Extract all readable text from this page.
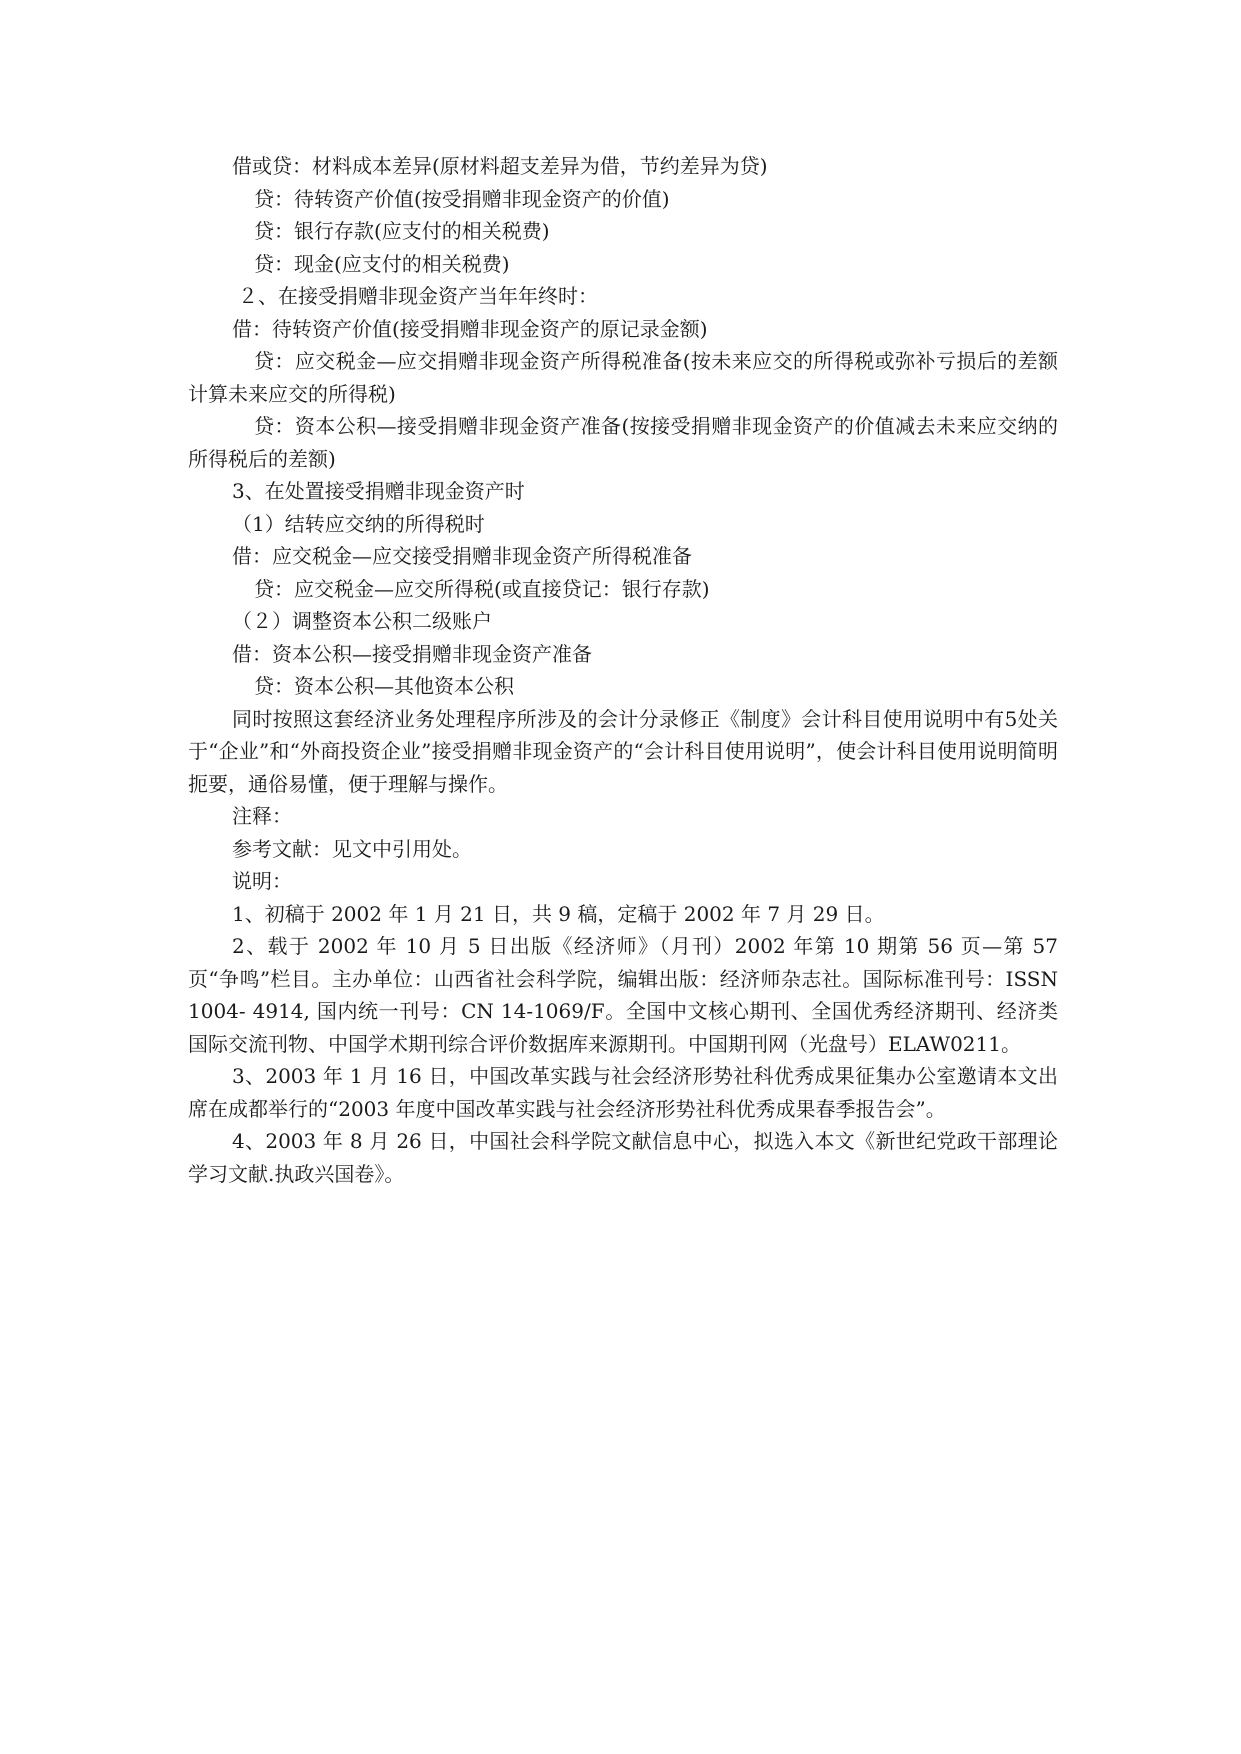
借或贷：材料成本差异(原材料超支差异为借，节约差异为贷)
贷：待转资产价值(按受捐赠非现金资产的价值)
贷：银行存款(应支付的相关税费)
贷：现金(应支付的相关税费)
２、在接受捐赠非现金资产当年年终时：
借：待转资产价值(接受捐赠非现金资产的原记录金额)
贷：应交税金—应交捐赠非现金资产所得税准备(按未来应交的所得税或弥补亏损后的差额计算未来应交的所得税)
贷：资本公积—接受捐赠非现金资产准备(按接受捐赠非现金资产的价值减去未来应交纳的所得税后的差额)
3、在处置接受捐赠非现金资产时
（1）结转应交纳的所得税时
借：应交税金—应交接受捐赠非现金资产所得税准备
贷：应交税金—应交所得税(或直接贷记：银行存款)
（２）调整资本公积二级账户
借：资本公积—接受捐赠非现金资产准备
贷：资本公积—其他资本公积
同时按照这套经济业务处理程序所涉及的会计分录修正《制度》会计科目使用说明中有5处关于“企业”和“外商投资企业”接受捐赠非现金资产的“会计科目使用说明”，使会计科目使用说明简明扼要，通俗易懂，便于理解与操作。
注释：
参考文献：见文中引用处。
说明：
1、初稿于 2002 年 1 月 21 日，共 9 稿，定稿于 2002 年 7 月 29 日。
2、载于 2002 年 10 月 5 日出版《经济师》（月刊）2002 年第 10 期第 56 页—第 57 页“争鸣”栏目。主办单位：山西省社会科学院，编辑出版：经济师杂志社。国际标准刊号：ISSN 1004- 4914, 国内统一刊号：CN 14-1069/F。全国中文核心期刊、全国优秀经济期刊、经济类国际交流刊物、中国学术期刊综合评价数据库来源期刊。中国期刊网（光盘号）ELAW0211。
3、2003 年 1 月 16 日，中国改革实践与社会经济形势社科优秀成果征集办公室邀请本文出席在成都举行的“2003 年度中国改革实践与社会经济形势社科优秀成果春季报告会”。
4、2003 年 8 月 26 日，中国社会科学院文献信息中心，拟选入本文《新世纪党政干部理论学习文献.执政兴国卷》。
